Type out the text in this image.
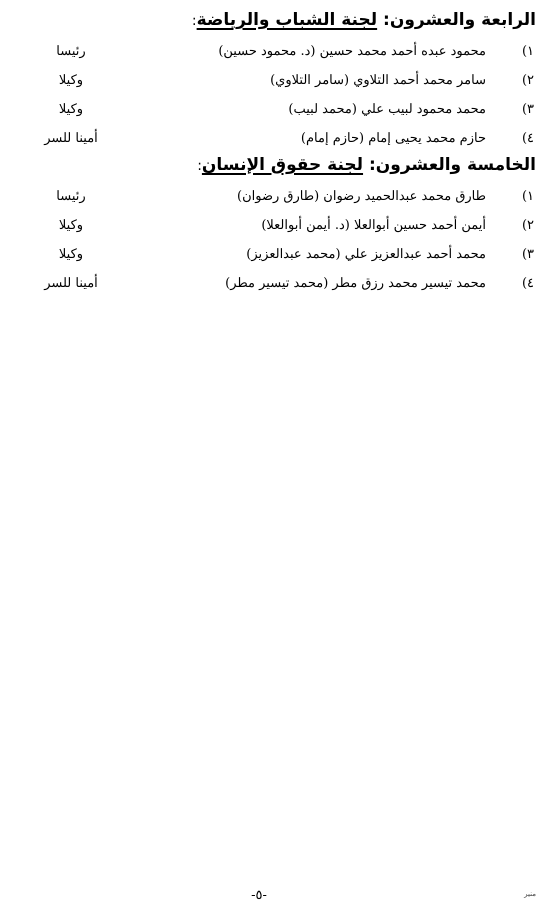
الرابعة والعشرون: لجنة الشباب والرياضة:
١)
محمود عبده أحمد محمد حسين (د. محمود حسين)
رئيسا
٢)
سامر محمد أحمد التلاوي (سامر التلاوي)
وكيلا
٣)
محمد محمود لبيب علي (محمد لبيب)
وكيلا
٤)
حازم محمد يحيى إمام (حازم إمام)
أمينا للسر
الخامسة والعشرون: لجنة حقوق الإنسان:
١)
طارق محمد عبدالحميد رضوان (طارق رضوان)
رئيسا
٢)
أيمن أحمد حسين أبوالعلا (د. أيمن أبوالعلا)
وكيلا
٣)
محمد أحمد عبدالعزيز علي (محمد عبدالعزيز)
وكيلا
٤)
محمد تيسير محمد رزق مطر (محمد تيسير مطر)
أمينا للسر
-٥-	منير
